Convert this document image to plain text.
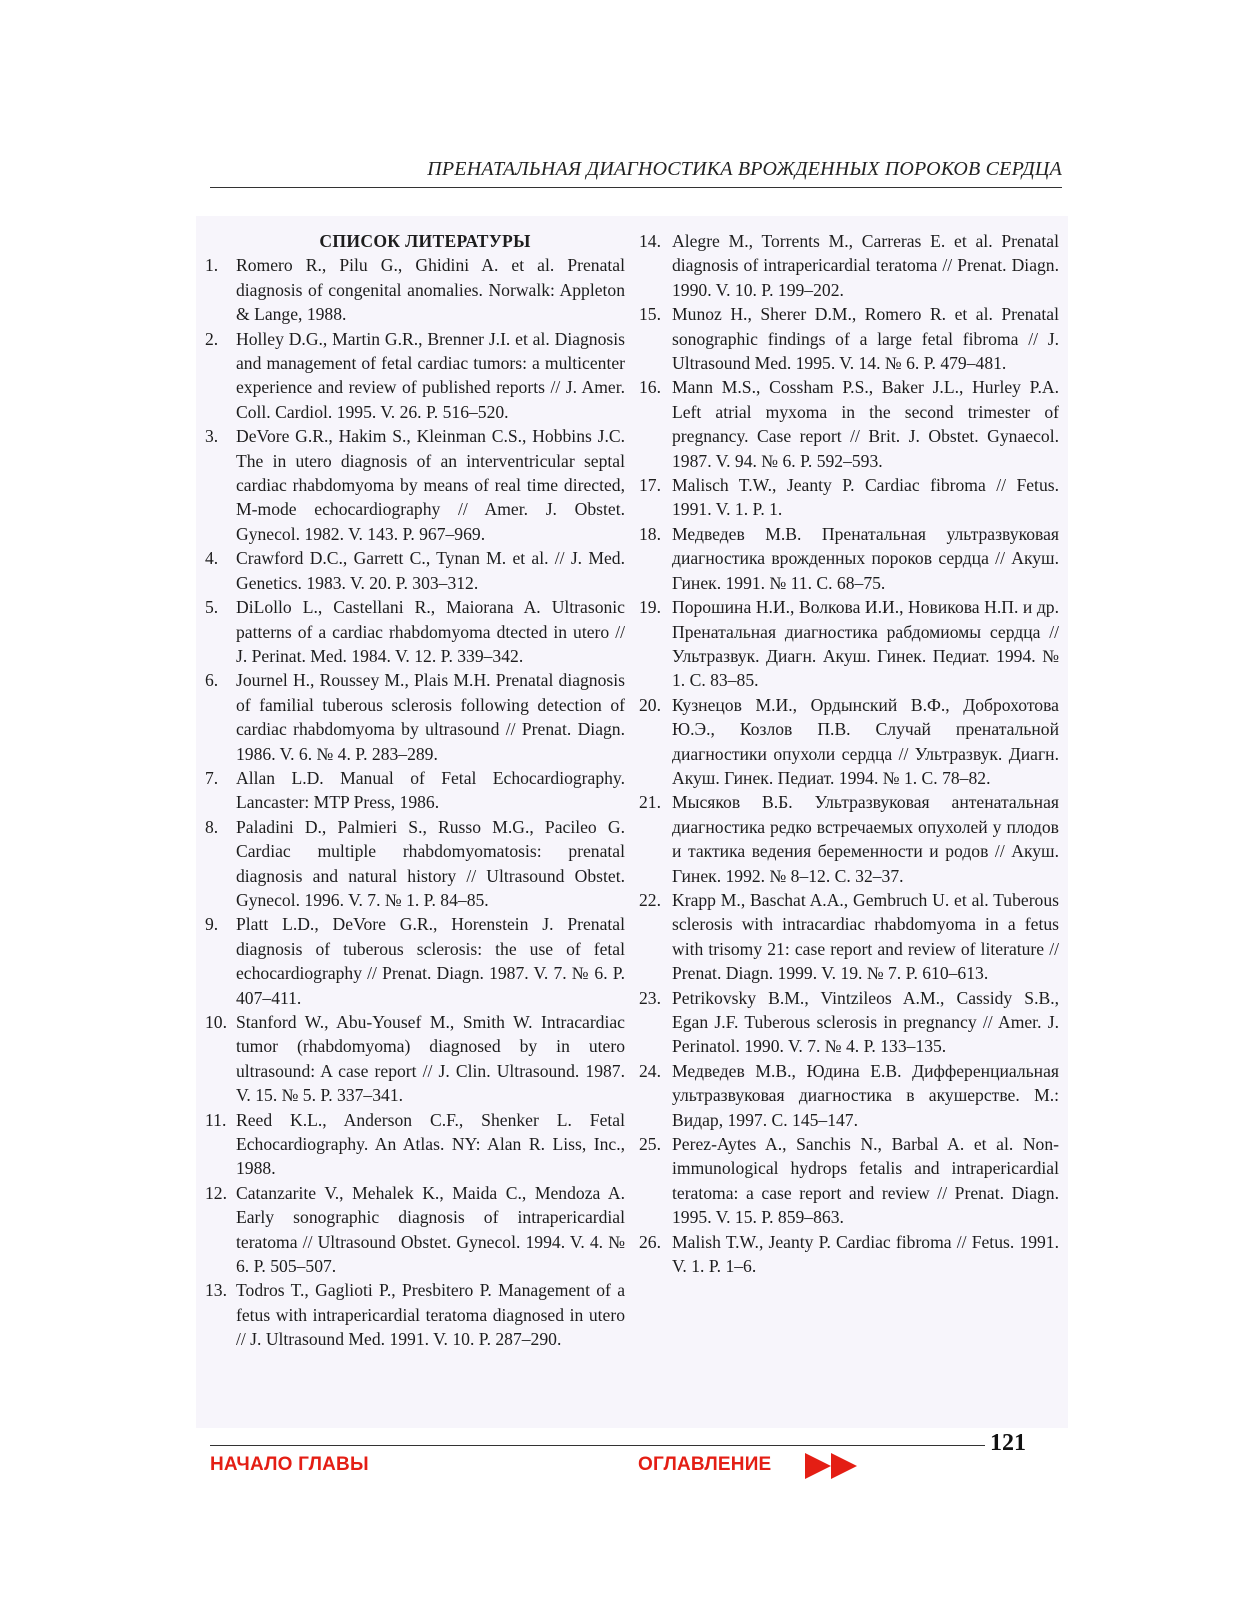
ПРЕНАТАЛЬНАЯ ДИАГНОСТИКА ВРОЖДЕННЫХ ПОРОКОВ СЕРДЦА
СПИСОК ЛИТЕРАТУРЫ
1.	Romero R., Pilu G., Ghidini A. et al. Prenatal diagnosis of congenital anomalies. Norwalk: Appleton & Lange, 1988.
2.	Holley D.G., Martin G.R., Brenner J.I. et al. Diagnosis and management of fetal cardiac tumors: a multicenter experience and review of published reports // J. Amer. Coll. Cardiol. 1995. V. 26. P. 516–520.
3.	DeVore G.R., Hakim S., Kleinman C.S., Hobbins J.C. The in utero diagnosis of an interventricular septal cardiac rhabdomyoma by means of real time directed, M-mode echocardiography // Amer. J. Obstet. Gynecol. 1982. V. 143. P. 967–969.
4.	Crawford D.C., Garrett C., Tynan M. et al. // J. Med. Genetics. 1983. V. 20. P. 303–312.
5.	DiLollo L., Castellani R., Maiorana A. Ultrasonic patterns of a cardiac rhabdomyoma dtected in utero // J. Perinat. Med. 1984. V. 12. P. 339–342.
6.	Journel H., Roussey M., Plais M.H. Prenatal diagnosis of familial tuberous sclerosis following detection of cardiac rhabdomyoma by ultrasound // Prenat. Diagn. 1986. V. 6. № 4. P. 283–289.
7.	Allan L.D. Manual of Fetal Echocardiography. Lancaster: MTP Press, 1986.
8.	Paladini D., Palmieri S., Russo M.G., Pacileo G. Cardiac multiple rhabdomyomatosis: prenatal diagnosis and natural history // Ultrasound Obstet. Gynecol. 1996. V. 7. № 1. P. 84–85.
9.	Platt L.D., DeVore G.R., Horenstein J. Prenatal diagnosis of tuberous sclerosis: the use of fetal echocardiography // Prenat. Diagn. 1987. V. 7. № 6. P. 407–411.
10. Stanford W., Abu-Yousef M., Smith W. Intracardiac tumor (rhabdomyoma) diagnosed by in utero ultrasound: A case report // J. Clin. Ultrasound. 1987. V. 15. № 5. P. 337–341.
11. Reed K.L., Anderson C.F., Shenker L. Fetal Echocardiography. An Atlas. NY: Alan R. Liss, Inc., 1988.
12. Catanzarite V., Mehalek K., Maida C., Mendoza A. Early sonographic diagnosis of intrapericardial teratoma // Ultrasound Obstet. Gynecol. 1994. V. 4. № 6. P. 505–507.
13. Todros T., Gaglioti P., Presbitero P. Management of a fetus with intrapericardial teratoma diagnosed in utero // J. Ultrasound Med. 1991. V. 10. P. 287–290.
14. Alegre M., Torrents M., Carreras E. et al. Prenatal diagnosis of intrapericardial teratoma // Prenat. Diagn. 1990. V. 10. P. 199–202.
15. Munoz H., Sherer D.M., Romero R. et al. Prenatal sonographic findings of a large fetal fibroma // J. Ultrasound Med. 1995. V. 14. № 6. P. 479–481.
16. Mann M.S., Cossham P.S., Baker J.L., Hurley P.A. Left atrial myxoma in the second trimester of pregnancy. Case report // Brit. J. Obstet. Gynaecol. 1987. V. 94. № 6. P. 592–593.
17. Malisch T.W., Jeanty P. Cardiac fibroma // Fetus. 1991. V. 1. P. 1.
18. Медведев М.В. Пренатальная ультразвуковая диагностика врожденных пороков сердца // Акуш. Гинек. 1991. № 11. С. 68–75.
19. Порошина Н.И., Волкова И.И., Новикова Н.П. и др. Пренатальная диагностика рабдомиомы сердца // Ультразвук. Диагн. Акуш. Гинек. Педиат. 1994. № 1. С. 83–85.
20. Кузнецов М.И., Ордынский В.Ф., Доброхотова Ю.Э., Козлов П.В. Случай пренатальной диагностики опухоли сердца // Ультразвук. Диагн. Акуш. Гинек. Педиат. 1994. № 1. С. 78–82.
21. Мысяков В.Б. Ультразвуковая антенатальная диагностика редко встречаемых опухолей у плодов и тактика ведения беременности и родов // Акуш. Гинек. 1992. № 8–12. С. 32–37.
22. Krapp M., Baschat A.A., Gembruch U. et al. Tuberous sclerosis with intracardiac rhabdomyoma in a fetus with trisomy 21: case report and review of literature // Prenat. Diagn. 1999. V. 19. № 7. P. 610–613.
23. Petrikovsky B.M., Vintzileos A.M., Cassidy S.B., Egan J.F. Tuberous sclerosis in pregnancy // Amer. J. Perinatol. 1990. V. 7. № 4. P. 133–135.
24. Медведев М.В., Юдина Е.В. Дифференциальная ультразвуковая диагностика в акушерстве. М.: Видар, 1997. С. 145–147.
25. Perez-Aytes A., Sanchis N., Barbal A. et al. Non-immunological hydrops fetalis and intrapericardial teratoma: a case report and review // Prenat. Diagn. 1995. V. 15. P. 859–863.
26. Malish T.W., Jeanty P. Cardiac fibroma // Fetus. 1991. V. 1. P. 1–6.
121
НАЧАЛО ГЛАВЫ	ОГЛАВЛЕНИЕ
